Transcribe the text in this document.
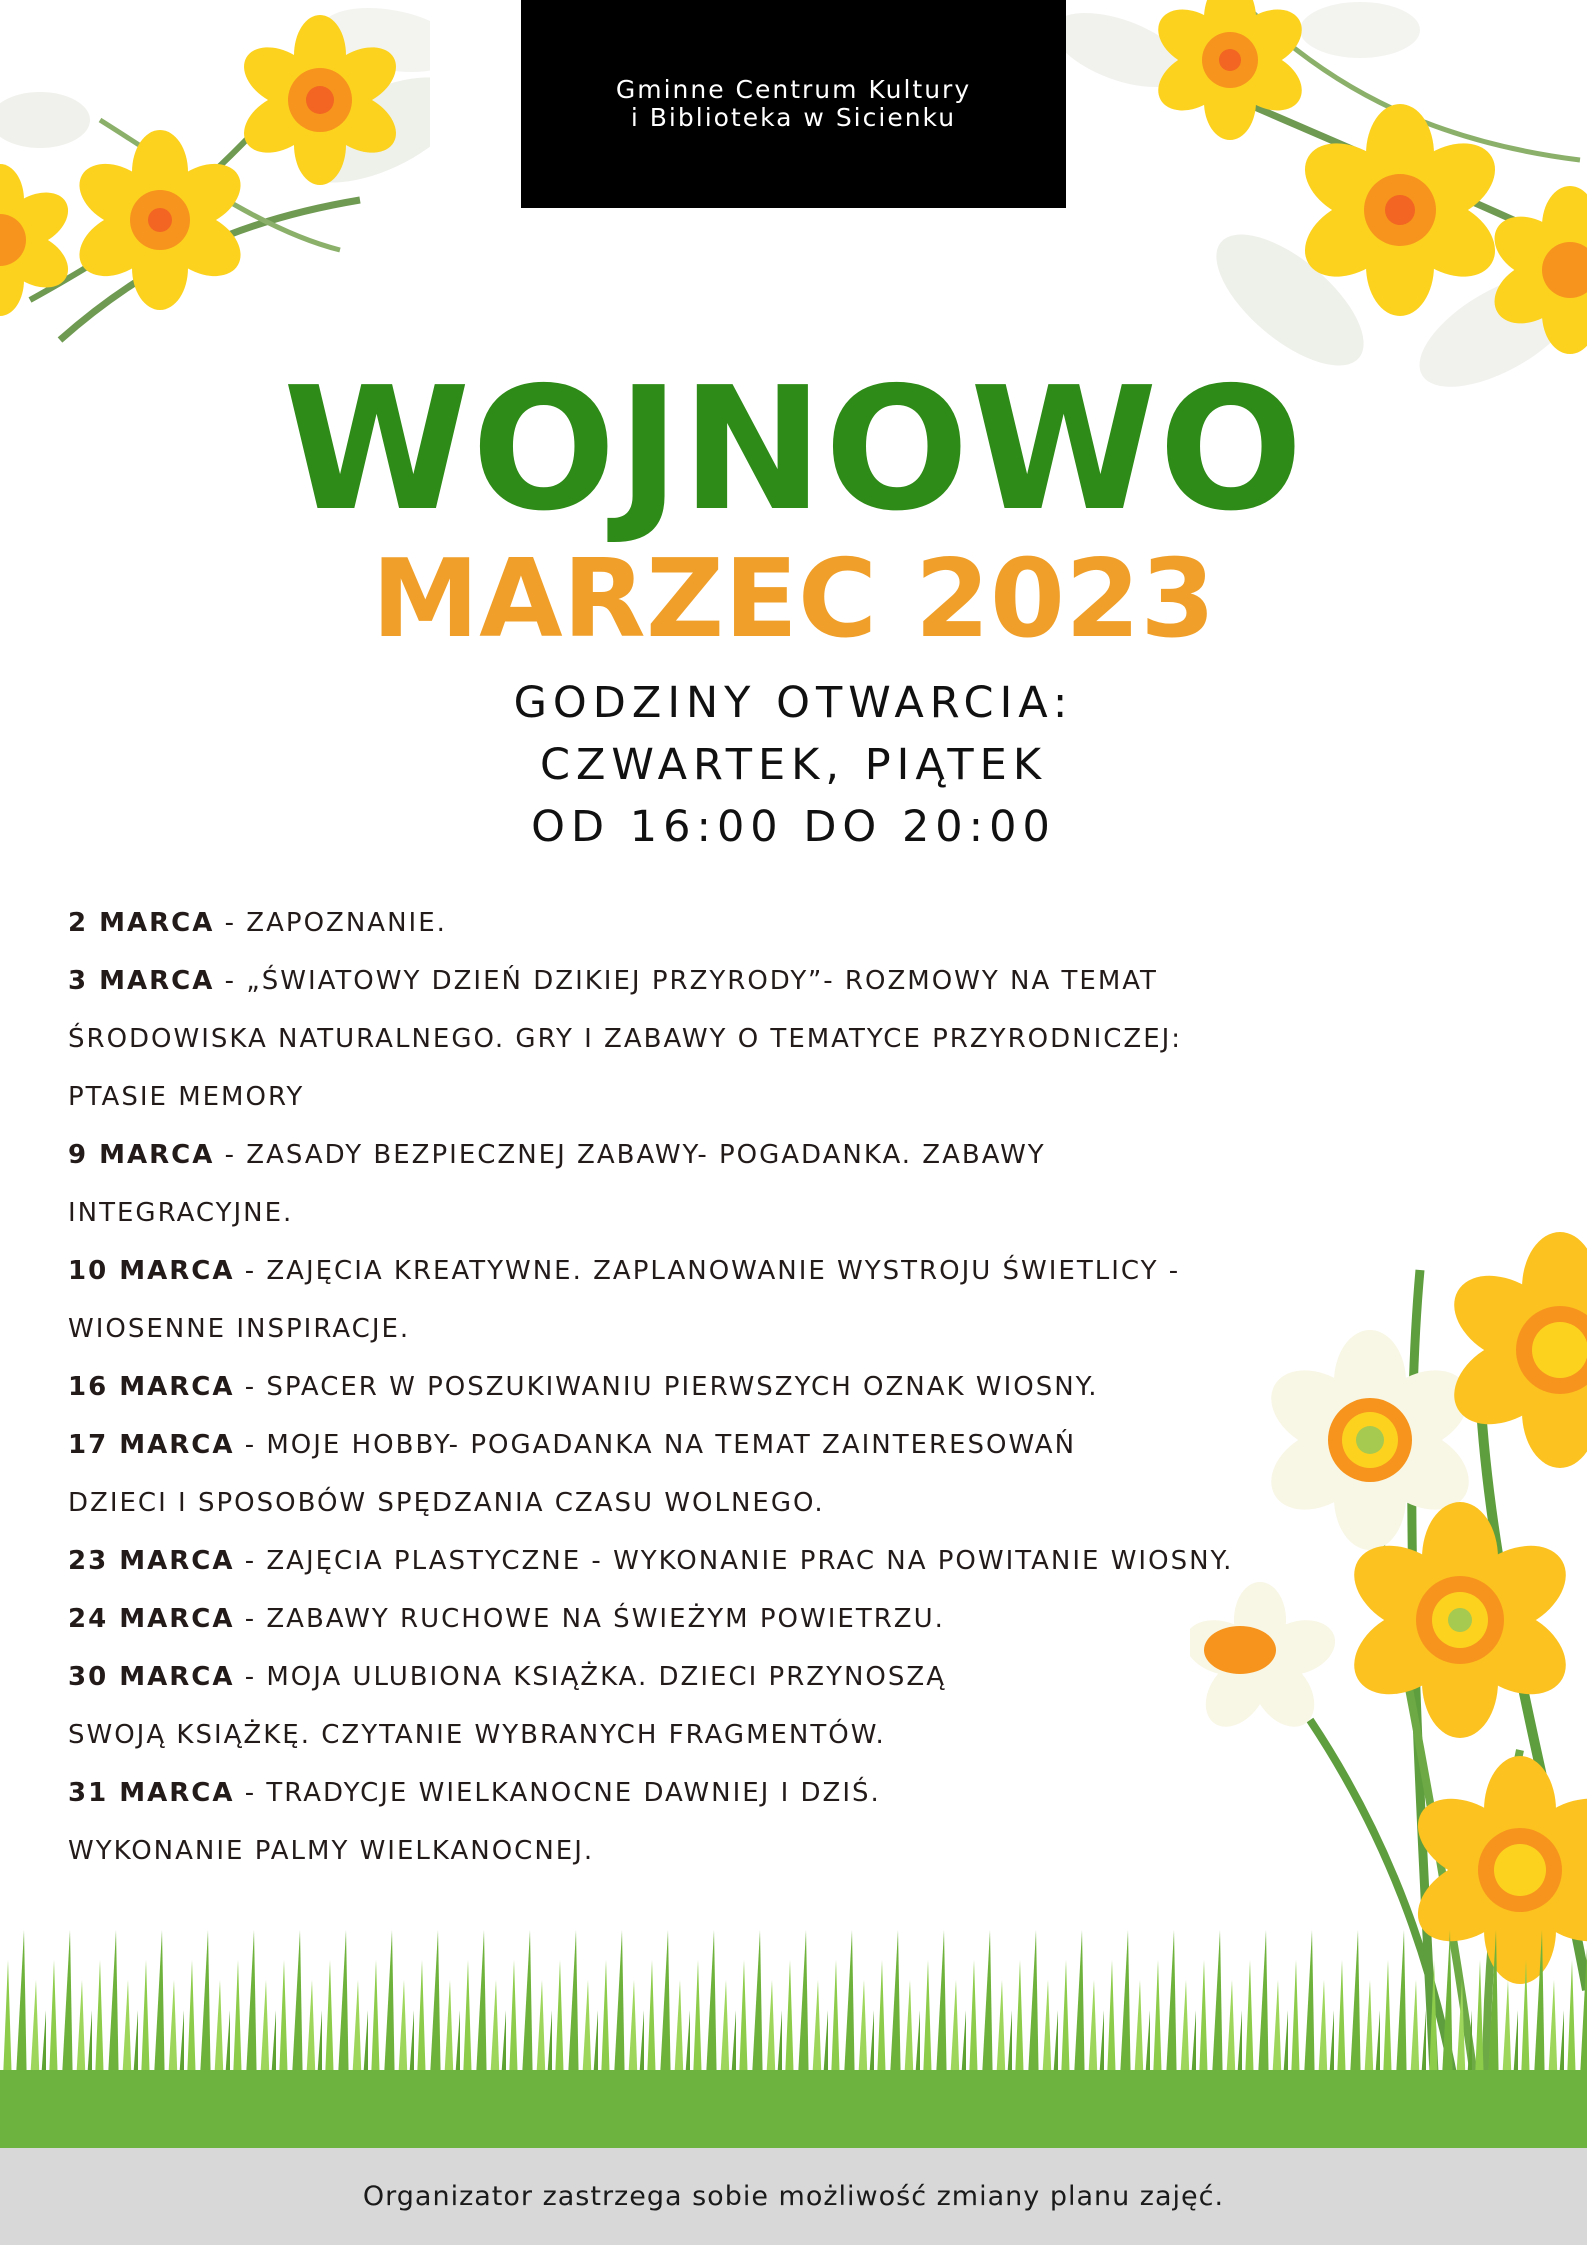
Gminne Centrum Kultury
i Biblioteka w Sicienku
WOJNOWO
MARZEC 2023
GODZINY OTWARCIA:
CZWARTEK, PIĄTEK
OD 16:00 DO 20:00
2 MARCA - ZAPOZNANIE.
3 MARCA - „ŚWIATOWY DZIEŃ DZIKIEJ PRZYRODY”- ROZMOWY NA TEMAT
ŚRODOWISKA NATURALNEGO. GRY I ZABAWY O TEMATYCE PRZYRODNICZEJ:
PTASIE MEMORY
9 MARCA - ZASADY BEZPIECZNEJ ZABAWY- POGADANKA. ZABAWY
INTEGRACYJNE.
10 MARCA - ZAJĘCIA KREATYWNE. ZAPLANOWANIE WYSTROJU ŚWIETLICY -
WIOSENNE INSPIRACJE.
16 MARCA - SPACER W POSZUKIWANIU PIERWSZYCH OZNAK WIOSNY.
17 MARCA - MOJE HOBBY- POGADANKA NA TEMAT ZAINTERESOWAŃ
DZIECI I SPOSOBÓW SPĘDZANIA CZASU WOLNEGO.
23 MARCA - ZAJĘCIA PLASTYCZNE - WYKONANIE PRAC NA POWITANIE WIOSNY.
24 MARCA - ZABAWY RUCHOWE NA ŚWIEŻYM POWIETRZU.
30 MARCA - MOJA ULUBIONA KSIĄŻKA. DZIECI PRZYNOSZĄ
SWOJĄ KSIĄŻKĘ. CZYTANIE WYBRANYCH FRAGMENTÓW.
31 MARCA - TRADYCJE WIELKANOCNE DAWNIEJ I DZIŚ.
WYKONANIE PALMY WIELKANOCNEJ.
Organizator zastrzega sobie możliwość zmiany planu zajęć.
